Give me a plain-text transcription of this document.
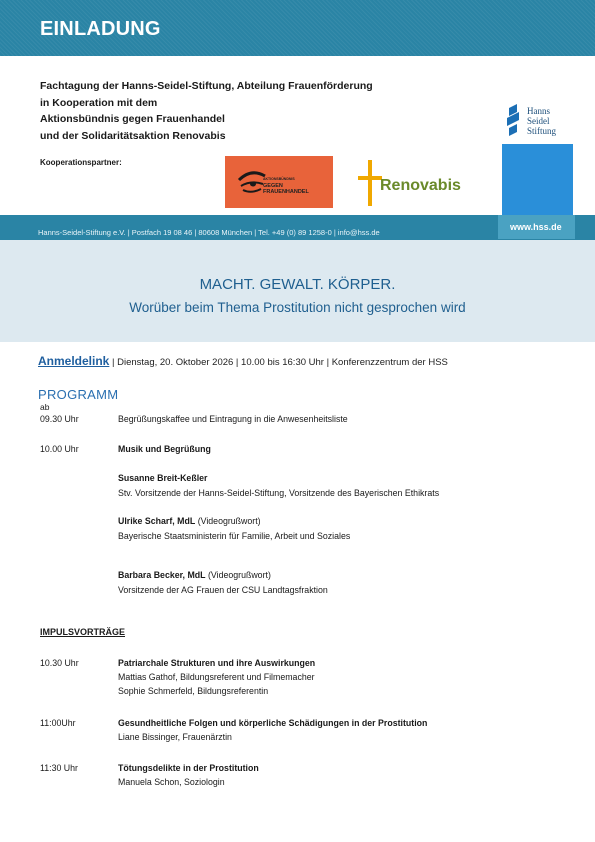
EINLADUNG
Fachtagung der Hanns-Seidel-Stiftung, Abteilung Frauenförderung
in Kooperation mit dem
Aktionsbündnis gegen Frauenhandel
und der Solidaritätsaktion Renovabis
Kooperationspartner:
AKTIONSBÜNDNIS
GEGEN
FRAUENHANDEL	Renovabis
Hanns
Seidel
Stiftung
Hanns-Seidel-Stiftung e.V. | Postfach 19 08 46 | 80608 München | Tel. +49 (0) 89 1258-0 | info@hss.de
www.hss.de
MACHT. GEWALT. KÖRPER.
Worüber beim Thema Prostitution nicht gesprochen wird
Anmeldelink | Dienstag, 20. Oktober 2026 | 10.00 bis 16:30 Uhr | Konferenzzentrum der HSS
PROGRAMM
ab
09.30 Uhr	Begrüßungskaffee und Eintragung in die Anwesenheitsliste
10.00 Uhr	Musik und Begrüßung
Susanne Breit-Keßler
Stv. Vorsitzende der Hanns-Seidel-Stiftung, Vorsitzende des Bayerischen Ethikrats
Ulrike Scharf, MdL (Videogrußwort)
Bayerische Staatsministerin für Familie, Arbeit und Soziales
Barbara Becker, MdL (Videogrußwort)
Vorsitzende der AG Frauen der CSU Landtagsfraktion
IMPULSVORTRÄGE
10.30 Uhr	Patriarchale Strukturen und ihre Auswirkungen
Mattias Gathof, Bildungsreferent und Filmemacher
Sophie Schmerfeld, Bildungsreferentin
11:00Uhr	Gesundheitliche Folgen und körperliche Schädigungen in der Prostitution
Liane Bissinger, Frauenärztin
11:30 Uhr	Tötungsdelikte in der Prostitution
Manuela Schon, Soziologin
